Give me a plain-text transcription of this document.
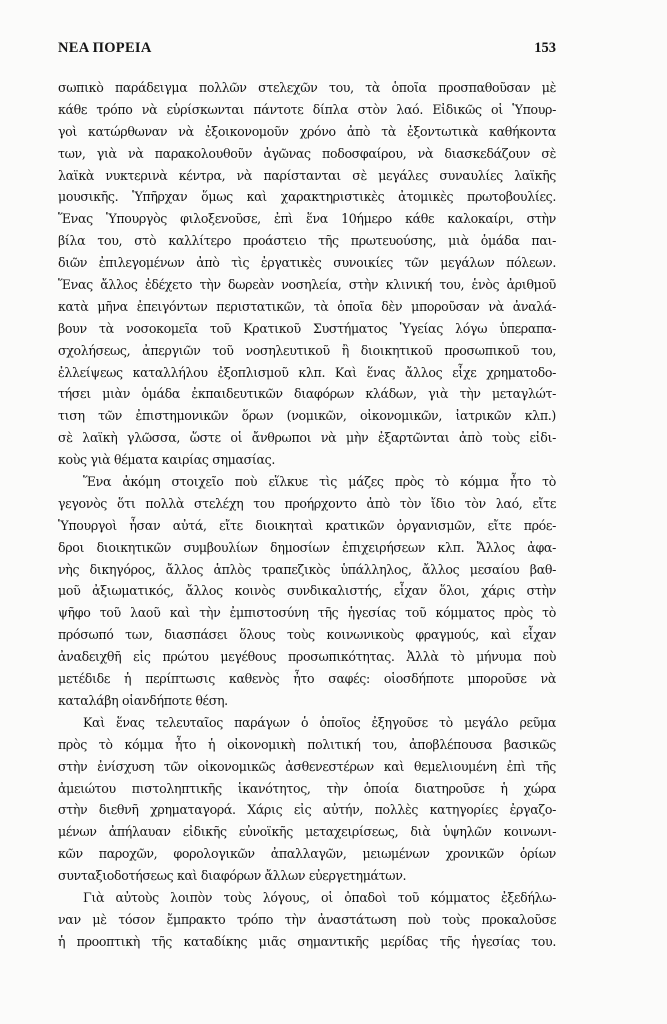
ΝΕΑ ΠΟΡΕΙΑ	153
σωπικὸ παράδειγμα πολλῶν στελεχῶν του, τὰ ὁποῖα προσπαθοῦσαν μὲ
κάθε τρόπο νὰ εὑρίσκωνται πάντοτε δίπλα στὸν λαό. Εἰδικῶς οἱ Ὑπουρ-
γοὶ κατώρθωναν νὰ ἐξοικονομοῦν χρόνο ἀπὸ τὰ ἐξοντωτικὰ καθήκοντα
των, γιὰ νὰ παρακολουθοῦν ἀγῶνας ποδοσφαίρου, νὰ διασκεδάζουν σὲ
λαϊκὰ νυκτερινὰ κέντρα, νὰ παρίστανται σὲ μεγάλες συναυλίες λαϊκῆς
μουσικῆς. Ὑπῆρχαν ὅμως καὶ χαρακτηριστικὲς ἀτομικὲς πρωτοβουλίες.
Ἕνας Ὑπουργὸς φιλοξενοῦσε, ἐπὶ ἕνα 10ήμερο κάθε καλοκαίρι, στὴν
βίλα του, στὸ καλλίτερο προάστειο τῆς πρωτευούσης, μιὰ ὁμάδα παι-
διῶν ἐπιλεγομένων ἀπὸ τὶς ἐργατικὲς συνοικίες τῶν μεγάλων πόλεων.
Ἕνας ἄλλος ἐδέχετο τὴν δωρεὰν νοσηλεία, στὴν κλινική του, ἑνὸς ἀριθμοῦ
κατὰ μῆνα ἐπειγόντων περιστατικῶν, τὰ ὁποῖα δὲν μποροῦσαν νὰ ἀναλά-
βουν τὰ νοσοκομεῖα τοῦ Κρατικοῦ Συστήματος Ὑγείας λόγω ὑπεραπα-
σχολήσεως, ἀπεργιῶν τοῦ νοσηλευτικοῦ ἢ διοικητικοῦ προσωπικοῦ του,
ἐλλείψεως καταλλήλου ἐξοπλισμοῦ κλπ. Καὶ ἕνας ἄλλος εἶχε χρηματοδο-
τήσει μιὰν ὁμάδα ἐκπαιδευτικῶν διαφόρων κλάδων, γιὰ τὴν μεταγλώτ-
τιση τῶν ἐπιστημονικῶν ὅρων (νομικῶν, οἰκονομικῶν, ἰατρικῶν κλπ.)
σὲ λαϊκὴ γλῶσσα, ὥστε οἱ ἄνθρωποι νὰ μὴν ἐξαρτῶνται ἀπὸ τοὺς εἰδι-
κοὺς γιὰ θέματα καιρίας σημασίας.
Ἕνα ἀκόμη στοιχεῖο ποὺ εἵλκυε τὶς μάζες πρὸς τὸ κόμμα ἦτο τὸ
γεγονὸς ὅτι πολλὰ στελέχη του προήρχοντο ἀπὸ τὸν ἴδιο τὸν λαό, εἴτε
Ὑπουργοὶ ἦσαν αὐτά, εἴτε διοικηταὶ κρατικῶν ὀργανισμῶν, εἴτε πρόε-
δροι διοικητικῶν συμβουλίων δημοσίων ἐπιχειρήσεων κλπ. Ἄλλος ἀφα-
νὴς δικηγόρος, ἄλλος ἁπλὸς τραπεζικὸς ὑπάλληλος, ἄλλος μεσαίου βαθ-
μοῦ ἀξιωματικός, ἄλλος κοινὸς συνδικαλιστής, εἶχαν ὅλοι, χάρις στὴν
ψῆφο τοῦ λαοῦ καὶ τὴν ἐμπιστοσύνη τῆς ἡγεσίας τοῦ κόμματος πρὸς τὸ
πρόσωπό των, διασπάσει ὅλους τοὺς κοινωνικοὺς φραγμούς, καὶ εἶχαν
ἀναδειχθῆ εἰς πρώτου μεγέθους προσωπικότητας. Ἀλλὰ τὸ μήνυμα ποὺ
μετέδιδε ἡ περίπτωσις καθενὸς ἦτο σαφές: οἱοσδήποτε μποροῦσε νὰ
καταλάβη οἱανδήποτε θέση.
Καὶ ἕνας τελευταῖος παράγων ὁ ὁποῖος ἐξηγοῦσε τὸ μεγάλο ρεῦμα
πρὸς τὸ κόμμα ἦτο ἡ οἰκονομικὴ πολιτική του, ἀποβλέπουσα βασικῶς
στὴν ἐνίσχυση τῶν οἰκονομικῶς ἀσθενεστέρων καὶ θεμελιουμένη ἐπὶ τῆς
ἀμειώτου πιστοληπτικῆς ἱκανότητος, τὴν ὁποία διατηροῦσε ἡ χώρα
στὴν διεθνῆ χρηματαγορά. Χάρις εἰς αὐτήν, πολλὲς κατηγορίες ἐργαζο-
μένων ἀπήλαυαν εἰδικῆς εὐνοϊκῆς μεταχειρίσεως, διὰ ὑψηλῶν κοινωνι-
κῶν παροχῶν, φορολογικῶν ἀπαλλαγῶν, μειωμένων χρονικῶν ὁρίων
συνταξιοδοτήσεως καὶ διαφόρων ἄλλων εὐεργετημάτων.
Γιὰ αὐτοὺς λοιπὸν τοὺς λόγους, οἱ ὀπαδοὶ τοῦ κόμματος ἐξεδήλω-
ναν μὲ τόσον ἔμπρακτο τρόπο τὴν ἀναστάτωση ποὺ τοὺς προκαλοῦσε
ἡ προοπτικὴ τῆς καταδίκης μιᾶς σημαντικῆς μερίδας τῆς ἡγεσίας του.
